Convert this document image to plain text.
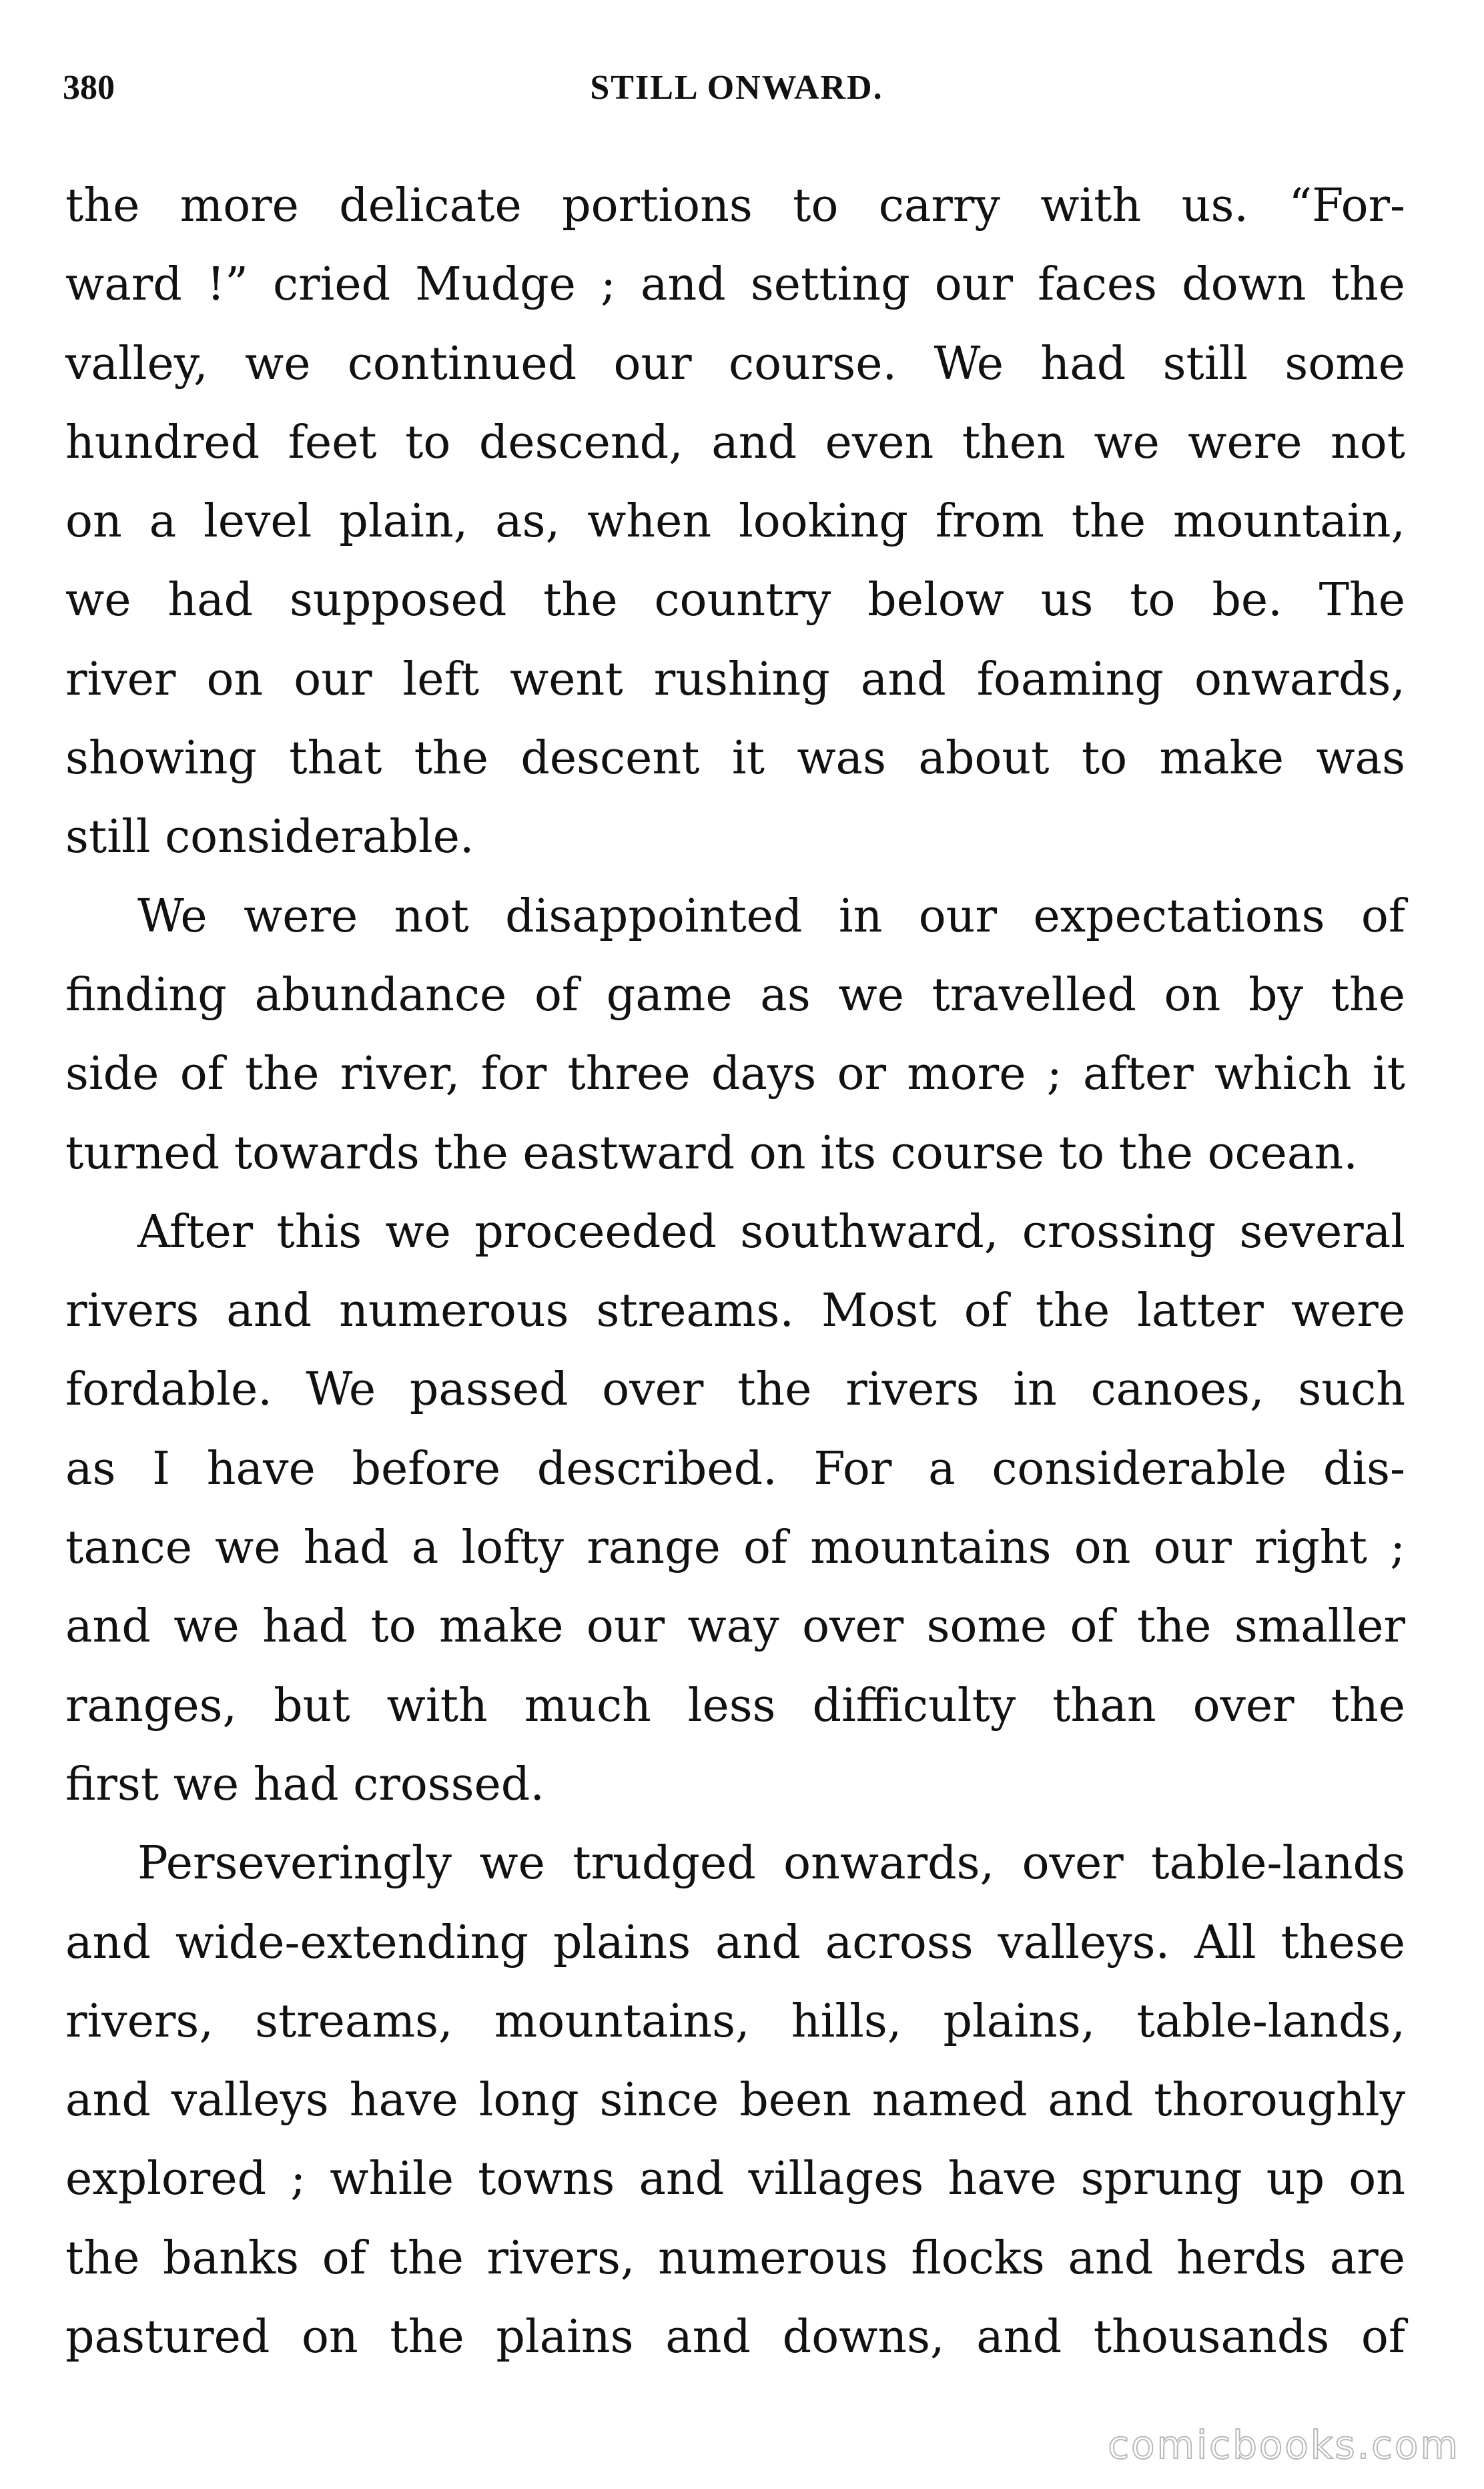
380	STILL ONWARD.
the more delicate portions to carry with us. “For-
ward !” cried Mudge ; and setting our faces down the
valley, we continued our course. We had still some
hundred feet to descend, and even then we were not
on a level plain, as, when looking from the mountain,
we had supposed the country below us to be. The
river on our left went rushing and foaming onwards,
showing that the descent it was about to make was
still considerable.
We were not disappointed in our expectations of
finding abundance of game as we travelled on by the
side of the river, for three days or more ; after which it
turned towards the eastward on its course to the ocean.
After this we proceeded southward, crossing several
rivers and numerous streams. Most of the latter were
fordable. We passed over the rivers in canoes, such
as I have before described. For a considerable dis-
tance we had a lofty range of mountains on our right ;
and we had to make our way over some of the smaller
ranges, but with much less difficulty than over the
first we had crossed.
Perseveringly we trudged onwards, over table-lands
and wide-extending plains and across valleys. All these
rivers, streams, mountains, hills, plains, table-lands,
and valleys have long since been named and thoroughly
explored ; while towns and villages have sprung up on
the banks of the rivers, numerous flocks and herds are
pastured on the plains and downs, and thousands of
comicbooks.com
